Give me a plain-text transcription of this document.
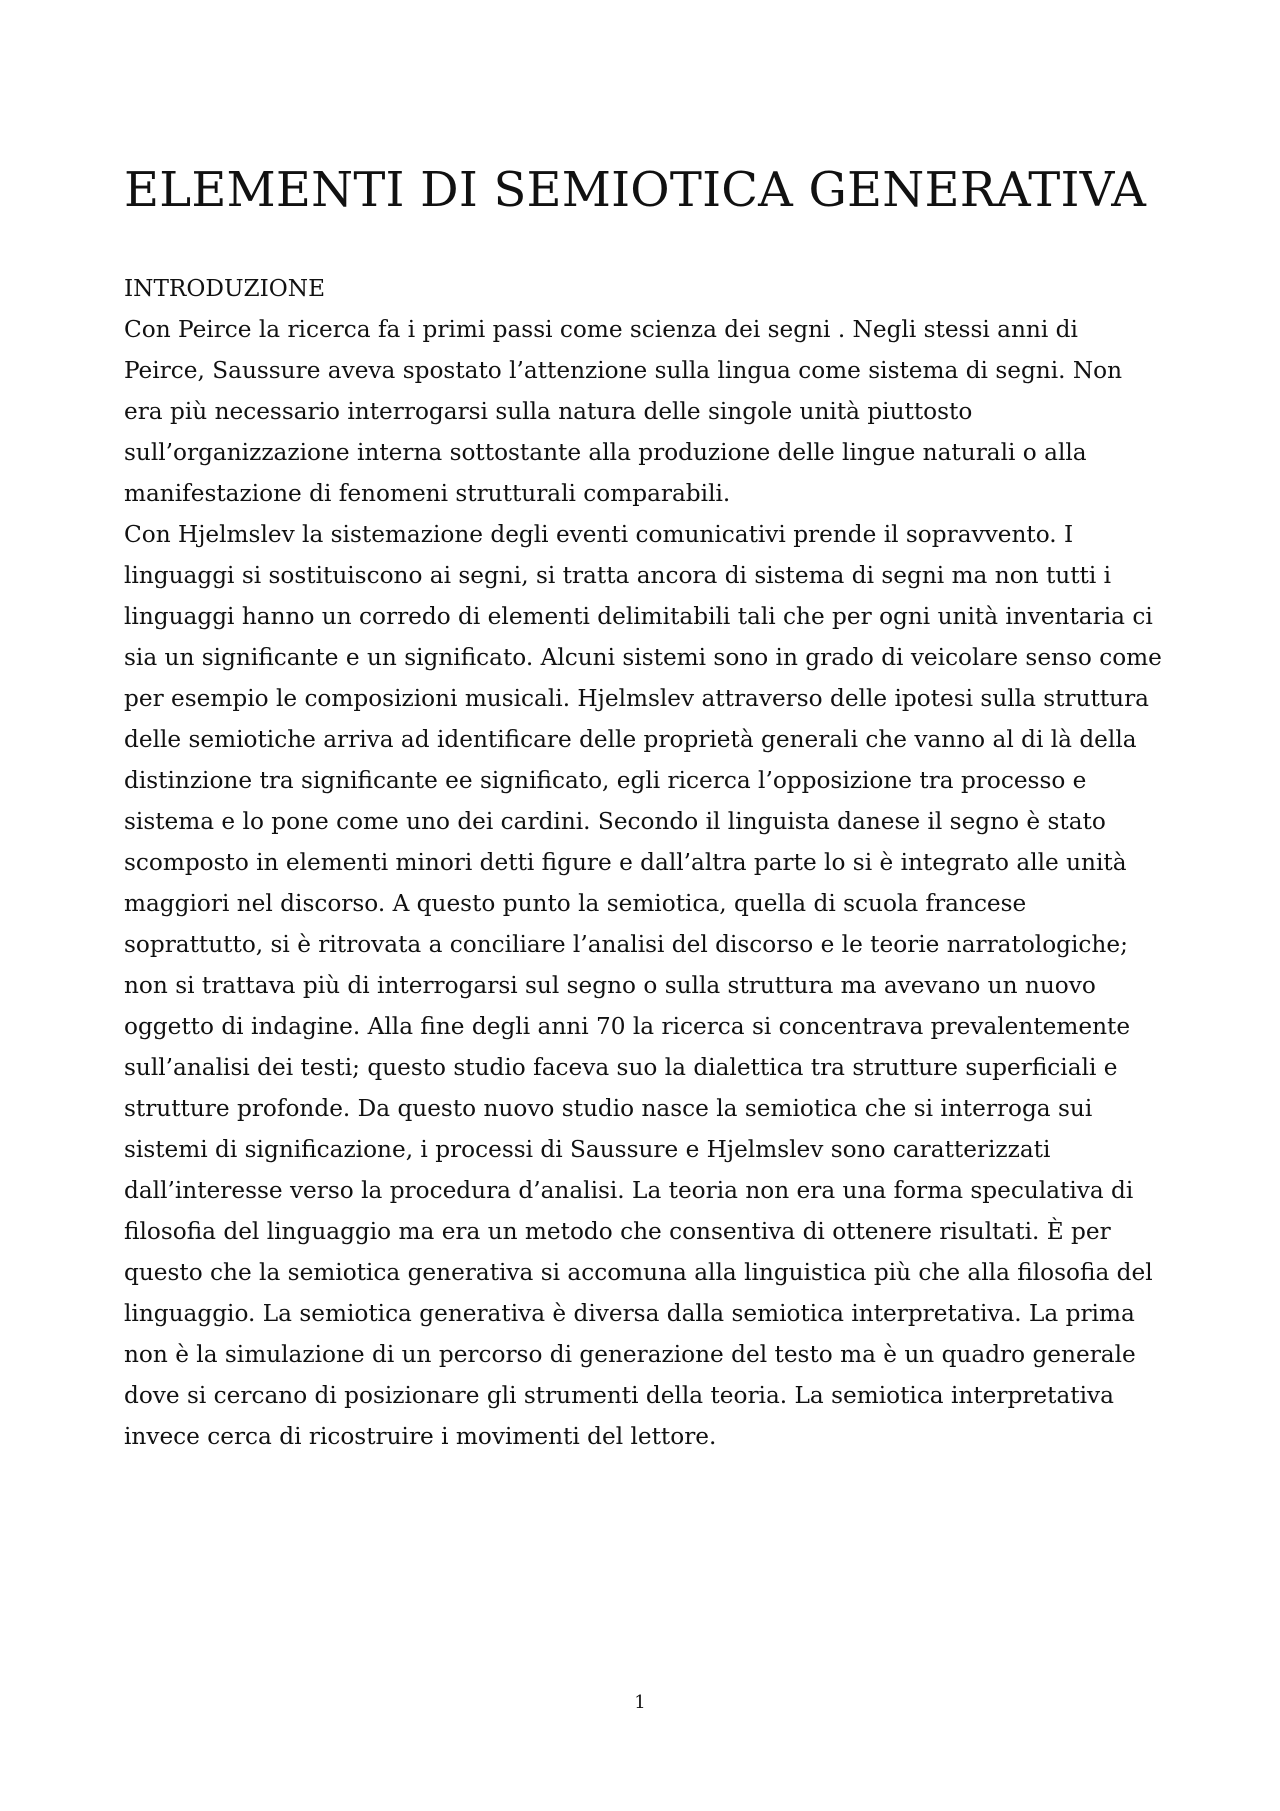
ELEMENTI DI SEMIOTICA GENERATIVA
INTRODUZIONE

Con Peirce la ricerca fa i primi passi come scienza dei segni . Negli stessi anni di Peirce, Saussure aveva spostato l’attenzione sulla lingua come sistema di segni. Non era più necessario interrogarsi sulla natura delle singole unità piuttosto sull’organizzazione interna sottostante alla produzione delle lingue naturali o alla manifestazione di fenomeni strutturali comparabili.

Con Hjelmslev la sistemazione degli eventi comunicativi prende il sopravvento. I linguaggi si sostituiscono ai segni, si tratta ancora di sistema di segni ma non tutti i linguaggi hanno un corredo di elementi delimitabili tali che per ogni unità inventaria ci sia un significante e un significato. Alcuni sistemi sono in grado di veicolare senso come per esempio le composizioni musicali. Hjelmslev attraverso delle ipotesi sulla struttura delle semiotiche arriva ad identificare delle proprietà generali che vanno al di là della distinzione tra significante ee significato, egli ricerca l’opposizione tra processo e sistema e lo pone come uno dei cardini. Secondo il linguista danese il segno è stato scomposto in elementi minori detti figure e dall’altra parte lo si è integrato alle unità maggiori nel discorso. A questo punto la semiotica, quella di scuola francese soprattutto, si è ritrovata a conciliare l’analisi del discorso e le teorie narratologiche; non si trattava più di interrogarsi sul segno o sulla struttura ma avevano un nuovo oggetto di indagine. Alla fine degli anni 70 la ricerca si concentrava prevalentemente sull’analisi dei testi; questo studio faceva suo la dialettica tra strutture superficiali e strutture profonde. Da questo nuovo studio nasce la semiotica che si interroga sui sistemi di significazione, i processi di Saussure e Hjelmslev sono caratterizzati dall’interesse verso la procedura d’analisi. La teoria non era una forma speculativa di filosofia del linguaggio ma era un metodo che consentiva di ottenere risultati. È per questo che la semiotica generativa si accomuna alla linguistica più che alla filosofia del linguaggio. La semiotica generativa è diversa dalla semiotica interpretativa. La prima non è la simulazione di un percorso di generazione del testo ma è un quadro generale dove si cercano di posizionare gli strumenti della teoria. La semiotica interpretativa invece cerca di ricostruire i movimenti del lettore.

1
